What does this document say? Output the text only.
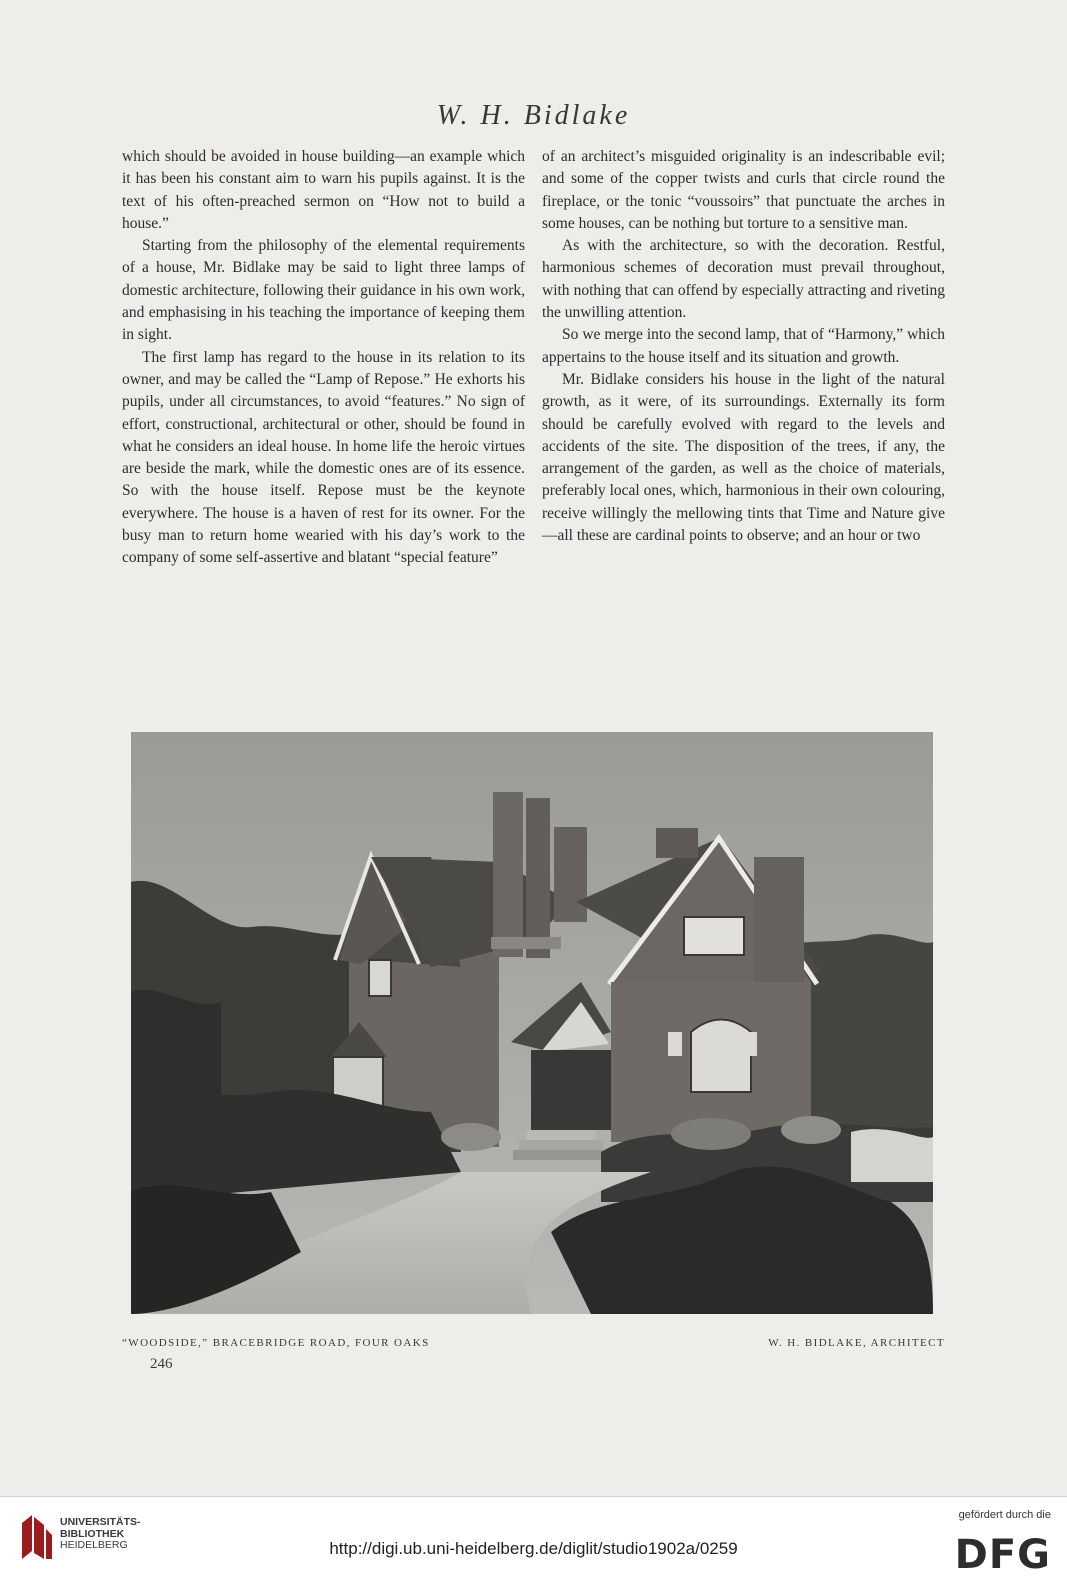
W. H. Bidlake

which should be avoided in house building—an example which it has been his constant aim to warn his pupils against. It is the text of his often-preached sermon on “How not to build a house.”

Starting from the philosophy of the elemental requirements of a house, Mr. Bidlake may be said to light three lamps of domestic architecture, following their guidance in his own work, and emphasising in his teaching the importance of keeping them in sight.

The first lamp has regard to the house in its relation to its owner, and may be called the “Lamp of Repose.” He exhorts his pupils, under all circumstances, to avoid “features.” No sign of effort, constructional, architectural or other, should be found in what he considers an ideal house. In home life the heroic virtues are beside the mark, while the domestic ones are of its essence. So with the house itself. Repose must be the keynote everywhere. The house is a haven of rest for its owner. For the busy man to return home wearied with his day’s work to the company of some self-assertive and blatant “special feature”

of an architect’s misguided originality is an indescribable evil; and some of the copper twists and curls that circle round the fireplace, or the tonic “voussoirs” that punctuate the arches in some houses, can be nothing but torture to a sensitive man.

As with the architecture, so with the decoration. Restful, harmonious schemes of decoration must prevail throughout, with nothing that can offend by especially attracting and riveting the unwilling attention.

So we merge into the second lamp, that of “Harmony,” which appertains to the house itself and its situation and growth.

Mr. Bidlake considers his house in the light of the natural growth, as it were, of its surroundings. Externally its form should be carefully evolved with regard to the levels and accidents of the site. The disposition of the trees, if any, the arrangement of the garden, as well as the choice of materials, preferably local ones, which, harmonious in their own colouring, receive willingly the mellowing tints that Time and Nature give—all these are cardinal points to observe; and an hour or two

“WOODSIDE,” BRACEBRIDGE ROAD, FOUR OAKS	W. H. BIDLAKE, ARCHITECT
246
UNIVERSITÄTS-
BIBLIOTHEK
HEIDELBERG	http://digi.ub.uni-heidelberg.de/diglit/studio1902a/0259
gefördert durch die
DFG
